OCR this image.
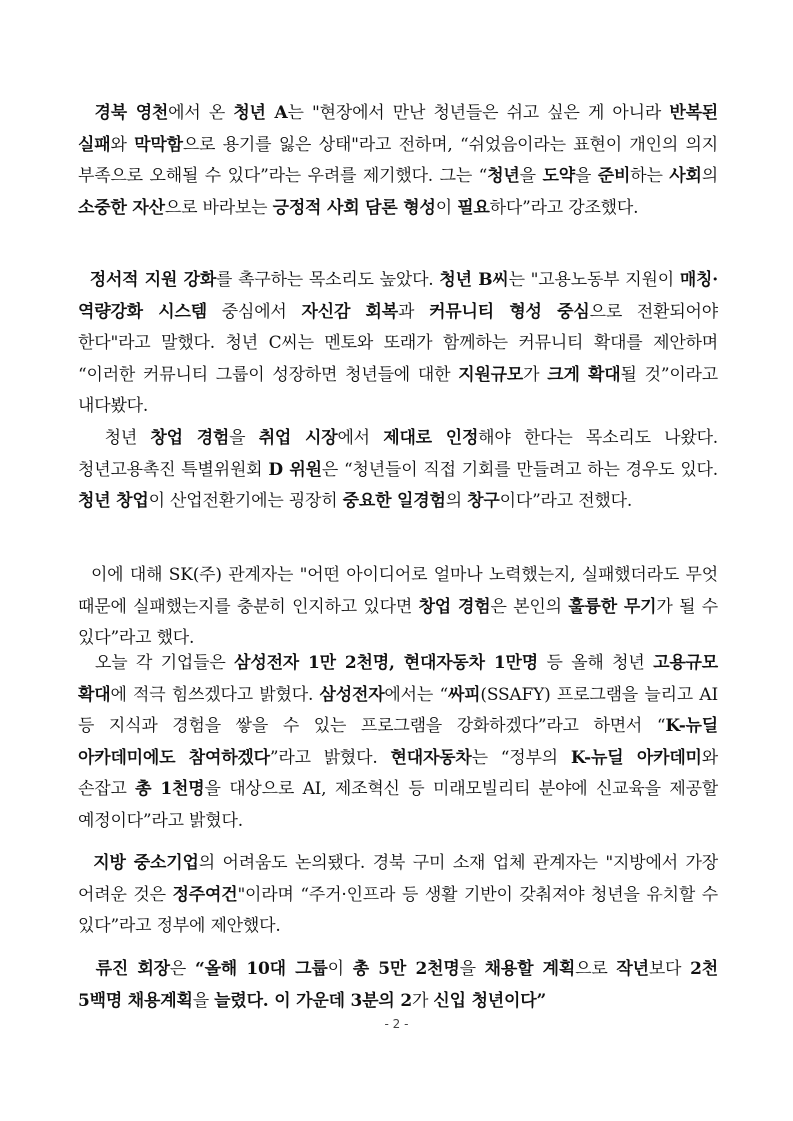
경북 영천에서 온 청년 A는 "현장에서 만난 청년들은 쉬고 싶은 게 아니라 반복된 실패와 막막함으로 용기를 잃은 상태"라고 전하며, “쉬었음이라는 표현이 개인의 의지 부족으로 오해될 수 있다”라는 우려를 제기했다. 그는 “청년을 도약을 준비하는 사회의 소중한 자산으로 바라보는 긍정적 사회 담론 형성이 필요하다”라고 강조했다.

정서적 지원 강화를 촉구하는 목소리도 높았다. 청년 B씨는 "고용노동부 지원이 매칭·역량강화 시스템 중심에서 자신감 회복과 커뮤니티 형성 중심으로 전환되어야 한다"라고 말했다. 청년 C씨는 멘토와 또래가 함께하는 커뮤니티 확대를 제안하며 “이러한 커뮤니티 그룹이 성장하면 청년들에 대한 지원규모가 크게 확대될 것”이라고 내다봤다.

청년 창업 경험을 취업 시장에서 제대로 인정해야 한다는 목소리도 나왔다. 청년고용촉진 특별위원회 D 위원은 “청년들이 직접 기회를 만들려고 하는 경우도 있다. 청년 창업이 산업전환기에는 굉장히 중요한 일경험의 창구이다”라고 전했다.

이에 대해 SK(주) 관계자는 "어떤 아이디어로 얼마나 노력했는지, 실패했더라도 무엇 때문에 실패했는지를 충분히 인지하고 있다면 창업 경험은 본인의 훌륭한 무기가 될 수 있다”라고 했다.

오늘 각 기업들은 삼성전자 1만 2천명, 현대자동차 1만명 등 올해 청년 고용규모 확대에 적극 힘쓰겠다고 밝혔다. 삼성전자에서는 “싸피(SSAFY) 프로그램을 늘리고 AI 등 지식과 경험을 쌓을 수 있는 프로그램을 강화하겠다”라고 하면서 “K-뉴딜 아카데미에도 참여하겠다”라고 밝혔다. 현대자동차는 “정부의 K-뉴딜 아카데미와 손잡고 총 1천명을 대상으로 AI, 제조혁신 등 미래모빌리티 분야에 신교육을 제공할 예정이다”라고 밝혔다.

지방 중소기업의 어려움도 논의됐다. 경북 구미 소재 업체 관계자는 "지방에서 가장 어려운 것은 정주여건"이라며 “주거·인프라 등 생활 기반이 갖춰져야 청년을 유치할 수 있다”라고 정부에 제안했다.

류진 회장은 “올해 10대 그룹이 총 5만 2천명을 채용할 계획으로 작년보다 2천 5백명 채용계획을 늘렸다. 이 가운데 3분의 2가 신입 청년이다”

- 2 -
